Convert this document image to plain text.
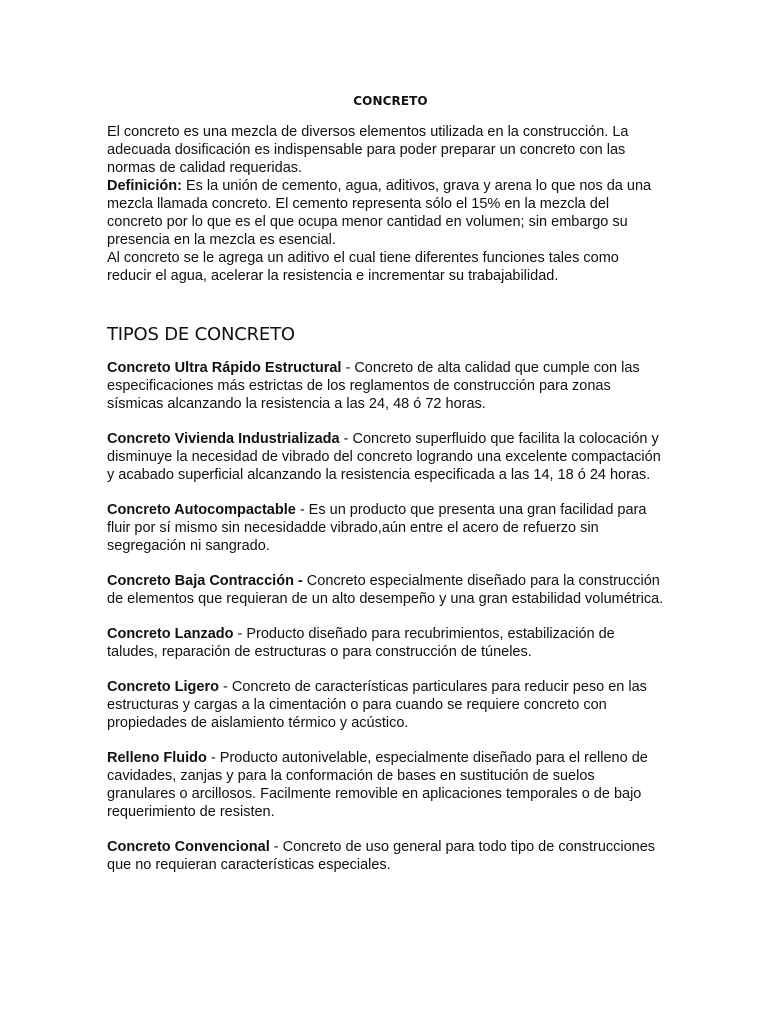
CONCRETO

El concreto es una mezcla de diversos elementos utilizada en la construcción. La adecuada dosificación es indispensable para poder preparar un concreto con las normas de calidad requeridas.

Definición: Es la unión de cemento, agua, aditivos, grava y arena lo que nos da una mezcla llamada concreto. El cemento representa sólo el 15% en la mezcla del concreto por lo que es el que ocupa menor cantidad en volumen; sin embargo su presencia en la mezcla es esencial.

Al concreto se le agrega un aditivo el cual tiene diferentes funciones tales como reducir el agua, acelerar la resistencia e incrementar su trabajabilidad.

TIPOS DE CONCRETO
Concreto Ultra Rápido Estructural - Concreto de alta calidad que cumple con las especificaciones más estrictas de los reglamentos de construcción para zonas sísmicas alcanzando la resistencia a las 24, 48 ó 72 horas.
Concreto Vivienda Industrializada - Concreto superfluido que facilita la colocación y disminuye la necesidad de vibrado del concreto logrando una excelente compactación y acabado superficial alcanzando la resistencia especificada a las 14, 18 ó 24 horas.
Concreto Autocompactable - Es un producto que presenta una gran facilidad para fluir por sí mismo sin necesidadde vibrado,aún entre el acero de refuerzo sin segregación ni sangrado.
Concreto Baja Contracción - Concreto especialmente diseñado para la construcción de elementos que requieran de un alto desempeño y una gran estabilidad volumétrica.
Concreto Lanzado - Producto diseñado para recubrimientos, estabilización de taludes, reparación de estructuras o para construcción de túneles.
Concreto Ligero - Concreto de características particulares para reducir peso en las estructuras y cargas a la cimentación o para cuando se requiere concreto con propiedades de aislamiento térmico y acústico.
Relleno Fluido - Producto autonivelable, especialmente diseñado para el relleno de cavidades, zanjas y para la conformación de bases en sustitución de suelos granulares o arcillosos. Facilmente removible en aplicaciones temporales o de bajo requerimiento de resisten.
Concreto Convencional - Concreto de uso general para todo tipo de construcciones que no requieran características especiales.
